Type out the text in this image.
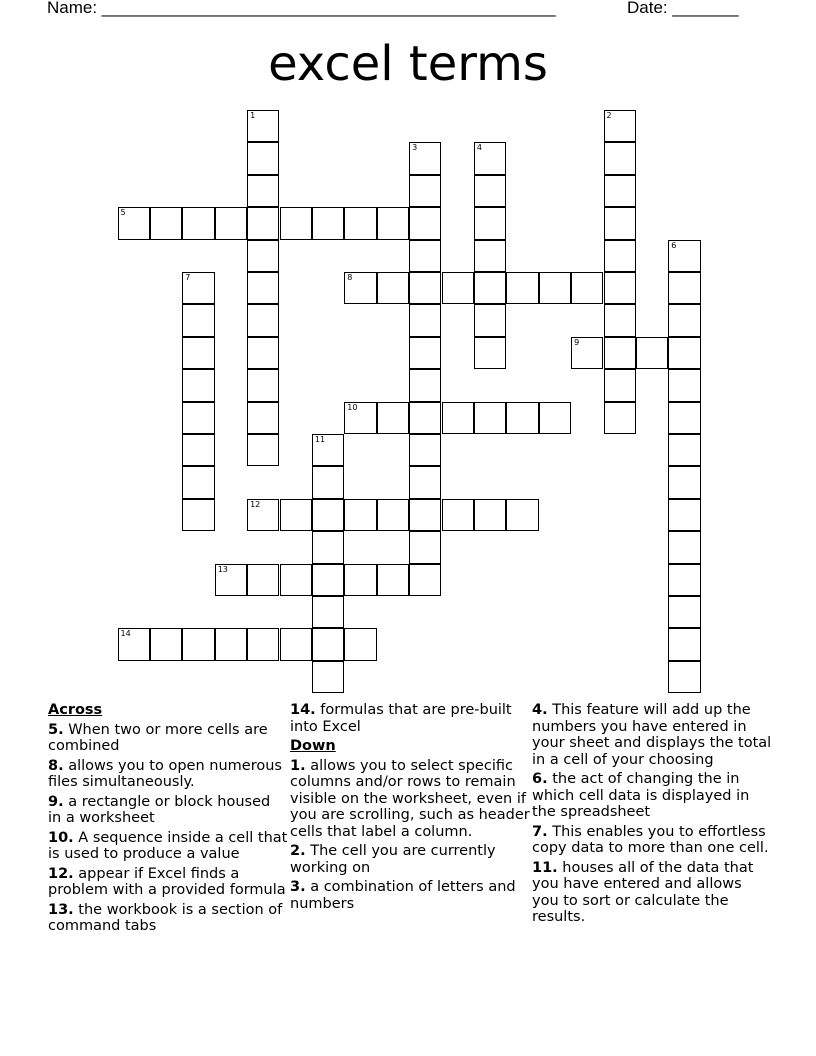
Name: ________________________________________________	Date: _______
excel terms
1	2
3	4
5
6
7	8
9
10
11
12
13
14
Across
5. When two or more cells are combined
8. allows you to open numerous files simultaneously.
9. a rectangle or block housed in a worksheet
10. A sequence inside a cell that is used to produce a value
12. appear if Excel finds a problem with a provided formula
13. the workbook is a section of command tabs
14. formulas that are pre-built into Excel
Down
1. allows you to select specific columns and/or rows to remain visible on the worksheet, even if you are scrolling, such as header cells that label a column.
2. The cell you are currently working on
3. a combination of letters and numbers
4. This feature will add up the numbers you have entered in your sheet and displays the total in a cell of your choosing
6. the act of changing the in which cell data is displayed in the spreadsheet
7. This enables you to effortless copy data to more than one cell.
11. houses all of the data that you have entered and allows you to sort or calculate the results.
